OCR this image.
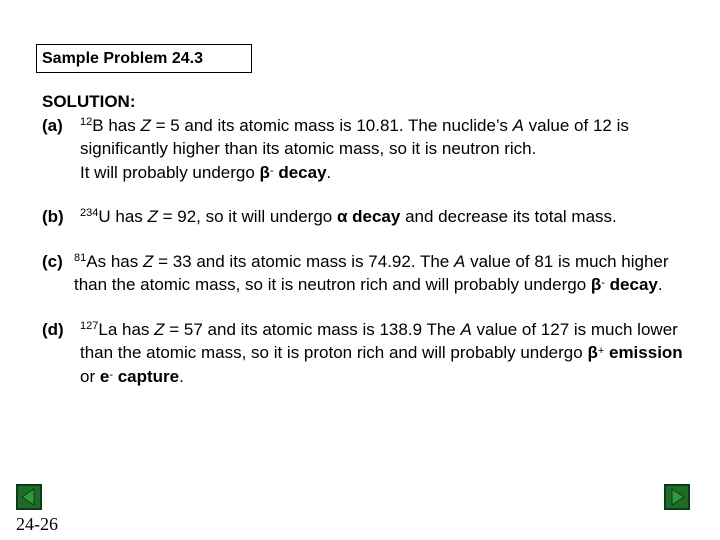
Sample Problem 24.3
SOLUTION:
(a)	$^{12}$B has Z = 5 and its atomic mass is 10.81. The nuclide’s A value of 12 is significantly higher than its atomic mass, so it is neutron rich.
It will probably undergo β- decay.
(b)	$^{234}$U has Z = 92, so it will undergo α decay and decrease its total mass.
(c)	$^{81}$As has Z = 33 and its atomic mass is 74.92. The A value of 81 is much higher than the atomic mass, so it is neutron rich and will probably undergo β- decay.
(d)	$^{127}$La has Z = 57 and its atomic mass is 138.9 The A value of 127 is much lower than the atomic mass, so it is proton rich and will probably undergo β+ emission or e- capture.
24-26
